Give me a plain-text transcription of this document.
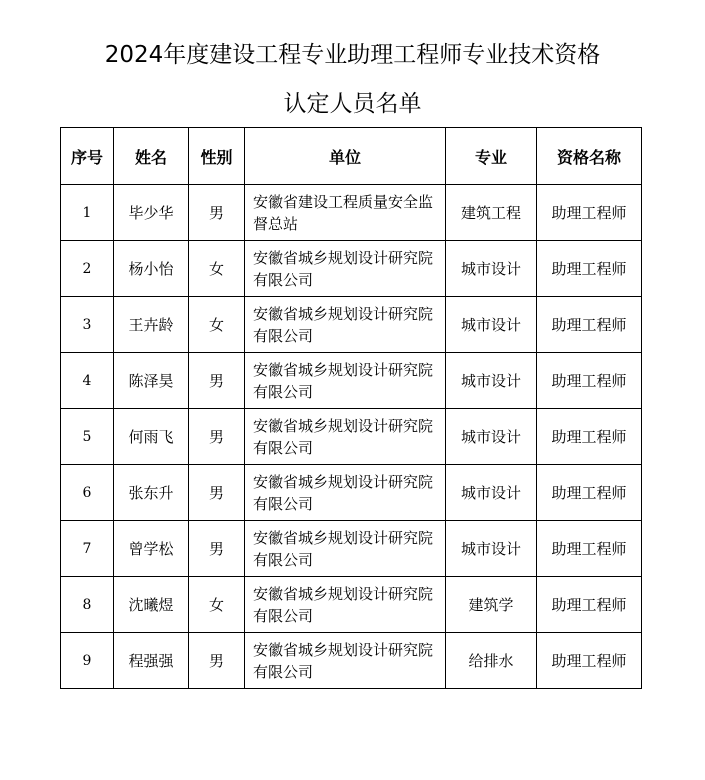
2024年度建设工程专业助理工程师专业技术资格
认定人员名单
序号	姓名	性别	单位	专业	资格名称
1	毕少华	男	安徽省建设工程质量安全监督总站	建筑工程	助理工程师
2	杨小怡	女	安徽省城乡规划设计研究院有限公司	城市设计	助理工程师
3	王卉龄	女	安徽省城乡规划设计研究院有限公司	城市设计	助理工程师
4	陈泽昊	男	安徽省城乡规划设计研究院有限公司	城市设计	助理工程师
5	何雨飞	男	安徽省城乡规划设计研究院有限公司	城市设计	助理工程师
6	张东升	男	安徽省城乡规划设计研究院有限公司	城市设计	助理工程师
7	曾学松	男	安徽省城乡规划设计研究院有限公司	城市设计	助理工程师
8	沈曦煜	女	安徽省城乡规划设计研究院有限公司	建筑学	助理工程师
9	程强强	男	安徽省城乡规划设计研究院有限公司	给排水	助理工程师
